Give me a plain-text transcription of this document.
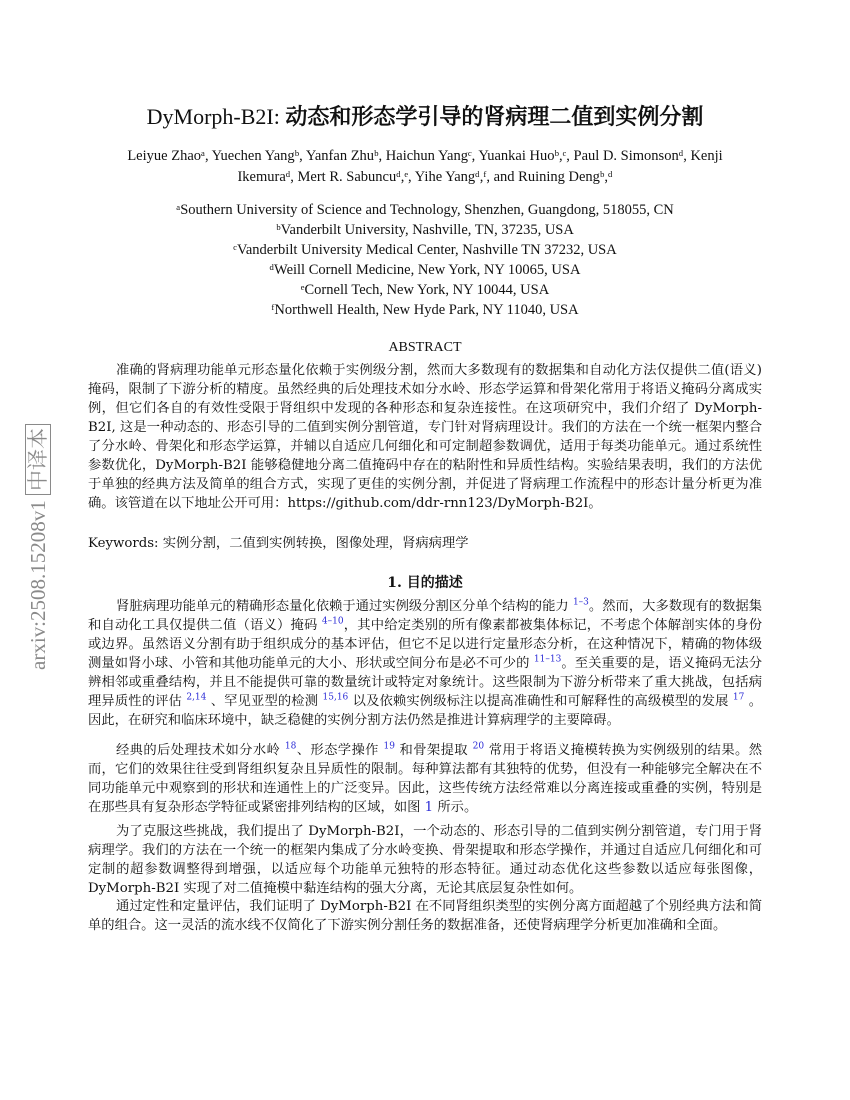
arxiv:2508.15208v1 中译本
DyMorph-B2I: 动态和形态学引导的肾病理二值到实例分割
Leiyue Zhaoᵃ, Yuechen Yangᵇ, Yanfan Zhuᵇ, Haichun Yangᶜ, Yuankai Huoᵇ,ᶜ, Paul D. Simonsonᵈ, Kenji Ikemuraᵈ, Mert R. Sabuncuᵈ,ᵉ, Yihe Yangᵈ,ᶠ, and Ruining Dengᵇ,ᵈ
ᵃSouthern University of Science and Technology, Shenzhen, Guangdong, 518055, CN
ᵇVanderbilt University, Nashville, TN, 37235, USA
ᶜVanderbilt University Medical Center, Nashville TN 37232, USA
ᵈWeill Cornell Medicine, New York, NY 10065, USA
ᵉCornell Tech, New York, NY 10044, USA
ᶠNorthwell Health, New Hyde Park, NY 11040, USA
ABSTRACT
准确的肾病理功能单元形态量化依赖于实例级分割，然而大多数现有的数据集和自动化方法仅提供二值(语义)掩码，限制了下游分析的精度。虽然经典的后处理技术如分水岭、形态学运算和骨架化常用于将语义掩码分离成实例，但它们各自的有效性受限于肾组织中发现的各种形态和复杂连接性。在这项研究中，我们介绍了 DyMorph-B2I, 这是一种动态的、形态引导的二值到实例分割管道，专门针对肾病理设计。我们的方法在一个统一框架内整合了分水岭、骨架化和形态学运算，并辅以自适应几何细化和可定制超参数调优，适用于每类功能单元。通过系统性参数优化，DyMorph-B2I 能够稳健地分离二值掩码中存在的粘附性和异质性结构。实验结果表明，我们的方法优于单独的经典方法及简单的组合方式，实现了更佳的实例分割，并促进了肾病理工作流程中的形态计量分析更为准确。该管道在以下地址公开可用：https://github.com/ddr-rnn123/DyMorph-B2I。
Keywords: 实例分割，二值到实例转换，图像处理，肾病病理学
1. 目的描述
肾脏病理功能单元的精确形态量化依赖于通过实例级分割区分单个结构的能力 $^{1-3}$。然而，大多数现有的数据集和自动化工具仅提供二值（语义）掩码 $^{4-10}$，其中给定类别的所有像素都被集体标记，不考虑个体解剖实体的身份或边界。虽然语义分割有助于组织成分的基本评估，但它不足以进行定量形态分析，在这种情况下，精确的物体级测量如肾小球、小管和其他功能单元的大小、形状或空间分布是必不可少的 $^{11-13}$。至关重要的是，语义掩码无法分辨相邻或重叠结构，并且不能提供可靠的数量统计或特定对象统计。这些限制为下游分析带来了重大挑战，包括病理异质性的评估 $^{2,14}$ 、罕见亚型的检测 $^{15,16}$ 以及依赖实例级标注以提高准确性和可解释性的高级模型的发展 $^{17}$ 。因此，在研究和临床环境中，缺乏稳健的实例分割方法仍然是推进计算病理学的主要障碍。
经典的后处理技术如分水岭 $^{18}$、形态学操作 $^{19}$ 和骨架提取 $^{20}$ 常用于将语义掩模转换为实例级别的结果。然而，它们的效果往往受到肾组织复杂且异质性的限制。每种算法都有其独特的优势，但没有一种能够完全解决在不同功能单元中观察到的形状和连通性上的广泛变异。因此，这些传统方法经常难以分离连接或重叠的实例，特别是在那些具有复杂形态学特征或紧密排列结构的区域，如图 1 所示。
为了克服这些挑战，我们提出了 DyMorph-B2I，一个动态的、形态引导的二值到实例分割管道，专门用于肾病理学。我们的方法在一个统一的框架内集成了分水岭变换、骨架提取和形态学操作，并通过自适应几何细化和可定制的超参数调整得到增强，以适应每个功能单元独特的形态特征。通过动态优化这些参数以适应每张图像，DyMorph-B2I 实现了对二值掩模中黏连结构的强大分离，无论其底层复杂性如何。
通过定性和定量评估，我们证明了 DyMorph-B2I 在不同肾组织类型的实例分离方面超越了个别经典方法和简单的组合。这一灵活的流水线不仅简化了下游实例分割任务的数据准备，还使肾病理学分析更加准确和全面。
